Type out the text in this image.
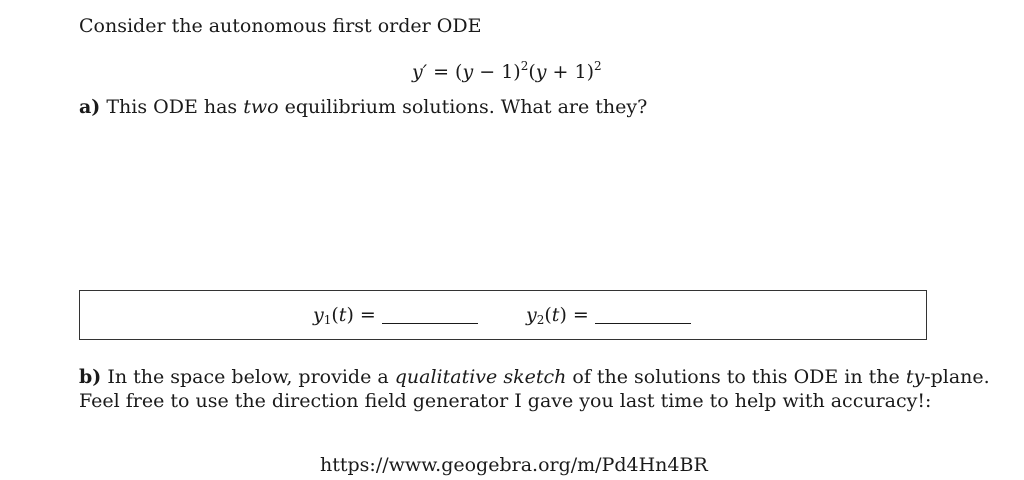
Consider the autonomous first order ODE
$y' = (y - 1)^2(y + 1)^2$
a) This ODE has two equilibrium solutions. What are they?
$y_1(t)$ =	$y_2(t)$ =
b) In the space below, provide a qualitative sketch of the solutions to this ODE in the ty-plane.
Feel free to use the direction field generator I gave you last time to help with accuracy!:
https://www.geogebra.org/m/Pd4Hn4BR
